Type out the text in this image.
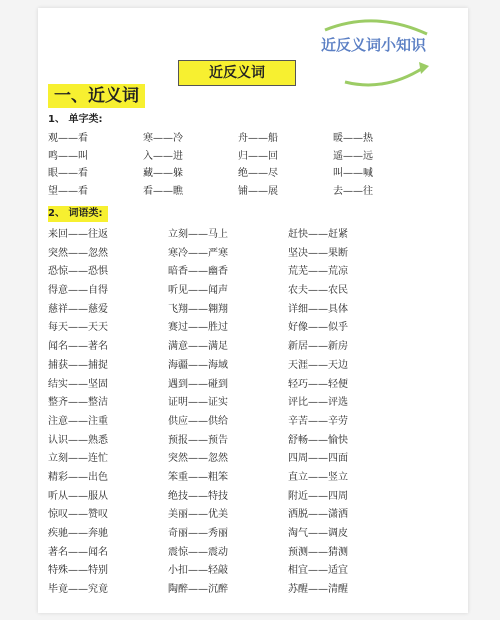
近反义词小知识
近反义词
一、近义词
1、 单字类:
观——看	寒——冷	舟——船	暖——热
鸣——叫	入——进	归——回	遥——远
眼——看	藏——躲	绝——尽	叫——喊
望——看	看——瞧	铺——展	去——往
2、 词语类:
来回——往返	立刻——马上	赶快——赶紧
突然——忽然	寒冷——严寒	坚决——果断
恐惊——恐惧	暗香——幽香	荒芜——荒凉
得意——自得	听见——闻声	农夫——农民
慈祥——慈爱	飞翔——翱翔	详细——具体
每天——天天	赛过——胜过	好像——似乎
闻名——著名	满意——满足	新居——新房
捕获——捕捉	海疆——海域	天涯——天边
结实——坚固	遇到——碰到	轻巧——轻便
整齐——整洁	证明——证实	评比——评选
注意——注重	供应——供给	辛苦——辛劳
认识——熟悉	预报——预告	舒畅——愉快
立刻——连忙	突然——忽然	四周——四面
精彩——出色	笨重——粗笨	直立——竖立
听从——服从	绝技——特技	附近——四周
惊叹——赞叹	美丽——优美	洒脱——潇洒
疾驰——奔驰	奇丽——秀丽	淘气——调皮
著名——闻名	震惊——震动	预测——猜测
特殊——特别	小扣——轻敲	相宜——适宜
毕竟——究竟	陶醉——沉醉	苏醒——清醒
